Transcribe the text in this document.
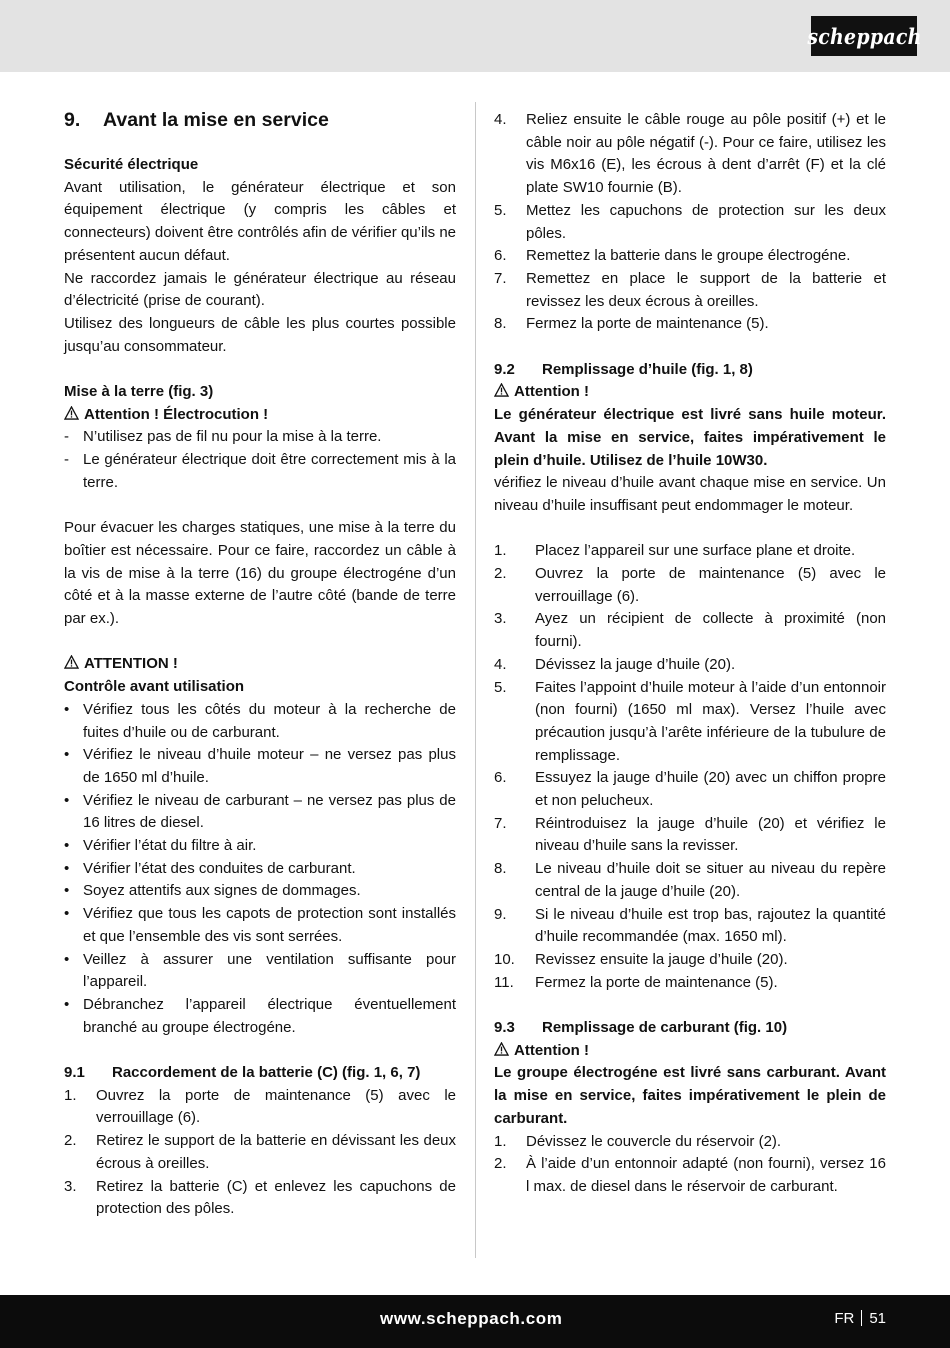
scheppach
9.	Avant la mise en service

Sécurité électrique

Avant utilisation, le générateur électrique et son équipement électrique (y compris les câbles et connecteurs) doivent être contrôlés afin de vérifier qu’ils ne présentent aucun défaut.

Ne raccordez jamais le générateur électrique au réseau d’électricité (prise de courant).

Utilisez des longueurs de câble les plus courtes possible jusqu’au consommateur.

Mise à la terre (fig. 3)

Attention ! Électrocution !

- N’utilisez pas de fil nu pour la mise à la terre.
- Le générateur électrique doit être correctement mis à la terre.

Pour évacuer les charges statiques, une mise à la terre du boîtier est nécessaire. Pour ce faire, raccordez un câble à la vis de mise à la terre (16) du groupe électrogéne d’un côté et à la masse externe de l’autre côté (bande de terre par ex.).

ATTENTION !

Contrôle avant utilisation

• Vérifiez tous les côtés du moteur à la recherche de fuites d’huile ou de carburant.
• Vérifiez le niveau d’huile moteur – ne versez pas plus de 1650 ml d’huile.
• Vérifiez le niveau de carburant – ne versez pas plus de 16 litres de diesel.
• Vérifier l’état du filtre à air.
• Vérifier l’état des conduites de carburant.
• Soyez attentifs aux signes de dommages.
• Vérifiez que tous les capots de protection sont installés et que l’ensemble des vis sont serrées.
• Veillez à assurer une ventilation suffisante pour l’appareil.
• Débranchez l’appareil électrique éventuellement branché au groupe électrogéne.
9.1	Raccordement de la batterie (C) (fig. 1, 6, 7)
1.	Ouvrez la porte de maintenance (5) avec le verrouillage (6).
2.	Retirez le support de la batterie en dévissant les deux écrous à oreilles.
3.	Retirez la batterie (C) et enlevez les capuchons de protection des pôles.
4.	Reliez ensuite le câble rouge au pôle positif (+) et le câble noir au pôle négatif (-). Pour ce faire, utilisez les vis M6x16 (E), les écrous à dent d’arrêt (F) et la clé plate SW10 fournie (B).
5.	Mettez les capuchons de protection sur les deux pôles.
6.	Remettez la batterie dans le groupe électrogéne.
7.	Remettez en place le support de la batterie et revissez les deux écrous à oreilles.
8.	Fermez la porte de maintenance (5).
9.2	Remplissage d’huile (fig. 1, 8)

Attention !

Le générateur électrique est livré sans huile moteur. Avant la mise en service, faites impérativement le plein d’huile. Utilisez de l’huile 10W30.

vérifiez le niveau d’huile avant chaque mise en service. Un niveau d’huile insuffisant peut endommager le moteur.

1.	Placez l’appareil sur une surface plane et droite.
2.	Ouvrez la porte de maintenance (5) avec le verrouillage (6).
3.	Ayez un récipient de collecte à proximité (non fourni).
4.	Dévissez la jauge d’huile (20).
5.	Faites l’appoint d’huile moteur à l’aide d’un entonnoir (non fourni) (1650 ml max). Versez l’huile avec précaution jusqu’à l’arête inférieure de la tubulure de remplissage.
6.	Essuyez la jauge d’huile (20) avec un chiffon propre et non pelucheux.
7.	Réintroduisez la jauge d’huile (20) et vérifiez le niveau d’huile sans la revisser.
8.	Le niveau d’huile doit se situer au niveau du repère central de la jauge d’huile (20).
9.	Si le niveau d’huile est trop bas, rajoutez la quantité d’huile recommandée (max. 1650 ml).
10.	Revissez ensuite la jauge d’huile (20).
11.	Fermez la porte de maintenance (5).
9.3	Remplissage de carburant (fig. 10)

Attention !

Le groupe électrogéne est livré sans carburant. Avant la mise en service, faites impérativement le plein de carburant.

1.	Dévissez le couvercle du réservoir (2).
2.	À l’aide d’un entonnoir adapté (non fourni), versez 16 l max. de diesel dans le réservoir de carburant.
www.scheppach.com	FR 51
